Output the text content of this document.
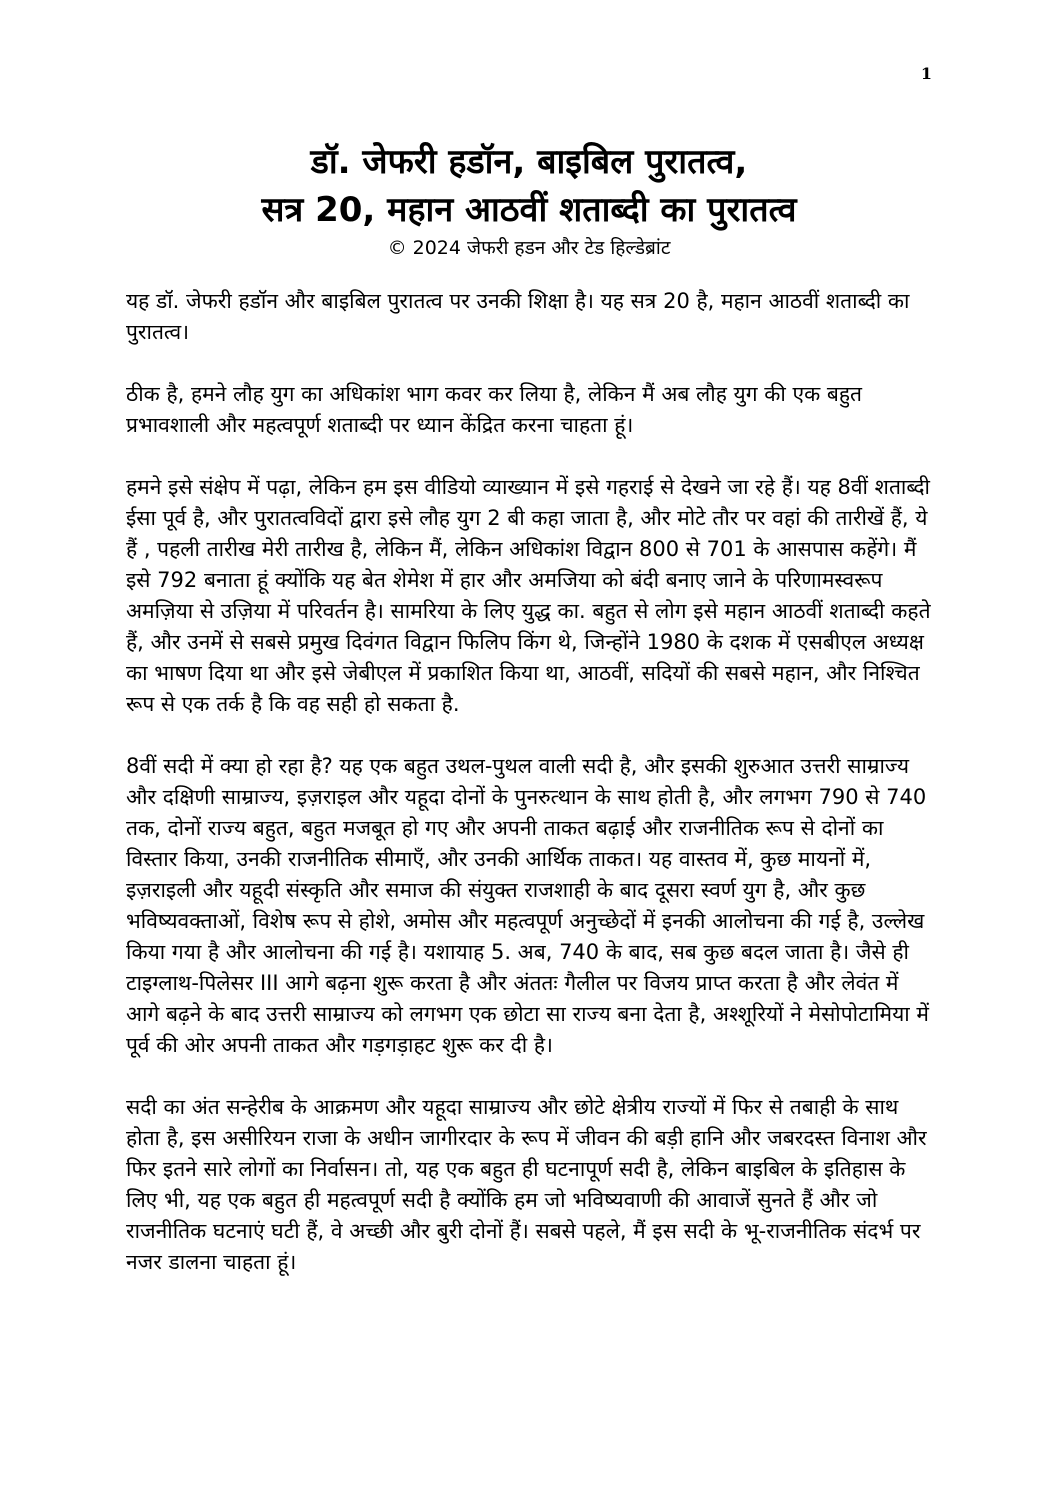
1
डॉ. जेफरी हडॉन, बाइबिल पुरातत्व,
सत्र 20, महान आठवीं शताब्दी का पुरातत्व
© 2024 जेफरी हडन और टेड हिल्डेब्रांट

यह डॉ. जेफरी हडॉन और बाइबिल पुरातत्व पर उनकी शिक्षा है। यह सत्र 20 है, महान आठवीं शताब्दी का पुरातत्व।

ठीक है, हमने लौह युग का अधिकांश भाग कवर कर लिया है, लेकिन मैं अब लौह युग की एक बहुत प्रभावशाली और महत्वपूर्ण शताब्दी पर ध्यान केंद्रित करना चाहता हूं।

हमने इसे संक्षेप में पढ़ा, लेकिन हम इस वीडियो व्याख्यान में इसे गहराई से देखने जा रहे हैं। यह 8वीं शताब्दी ईसा पूर्व है, और पुरातत्वविदों द्वारा इसे लौह युग 2 बी कहा जाता है, और मोटे तौर पर वहां की तारीखें हैं, ये हैं , पहली तारीख मेरी तारीख है, लेकिन मैं, लेकिन अधिकांश विद्वान 800 से 701 के आसपास कहेंगे। मैं इसे 792 बनाता हूं क्योंकि यह बेत शेमेश में हार और अमजिया को बंदी बनाए जाने के परिणामस्वरूप अमज़िया से उज़िया में परिवर्तन है। सामरिया के लिए युद्ध का. बहुत से लोग इसे महान आठवीं शताब्दी कहते हैं, और उनमें से सबसे प्रमुख दिवंगत विद्वान फिलिप किंग थे, जिन्होंने 1980 के दशक में एसबीएल अध्यक्ष का भाषण दिया था और इसे जेबीएल में प्रकाशित किया था, आठवीं, सदियों की सबसे महान, और निश्चित रूप से एक तर्क है कि वह सही हो सकता है.

8वीं सदी में क्या हो रहा है? यह एक बहुत उथल-पुथल वाली सदी है, और इसकी शुरुआत उत्तरी साम्राज्य और दक्षिणी साम्राज्य, इज़राइल और यहूदा दोनों के पुनरुत्थान के साथ होती है, और लगभग 790 से 740 तक, दोनों राज्य बहुत, बहुत मजबूत हो गए और अपनी ताकत बढ़ाई और राजनीतिक रूप से दोनों का विस्तार किया, उनकी राजनीतिक सीमाएँ, और उनकी आर्थिक ताकत। यह वास्तव में, कुछ मायनों में, इज़राइली और यहूदी संस्कृति और समाज की संयुक्त राजशाही के बाद दूसरा स्वर्ण युग है, और कुछ भविष्यवक्ताओं, विशेष रूप से होशे, अमोस और महत्वपूर्ण अनुच्छेदों में इनकी आलोचना की गई है, उल्लेख किया गया है और आलोचना की गई है। यशायाह 5. अब, 740 के बाद, सब कुछ बदल जाता है। जैसे ही टाइग्लाथ-पिलेसर III आगे बढ़ना शुरू करता है और अंततः गैलील पर विजय प्राप्त करता है और लेवंत में आगे बढ़ने के बाद उत्तरी साम्राज्य को लगभग एक छोटा सा राज्य बना देता है, अश्शूरियों ने मेसोपोटामिया में पूर्व की ओर अपनी ताकत और गड़गड़ाहट शुरू कर दी है।

सदी का अंत सन्हेरीब के आक्रमण और यहूदा साम्राज्य और छोटे क्षेत्रीय राज्यों में फिर से तबाही के साथ होता है, इस असीरियन राजा के अधीन जागीरदार के रूप में जीवन की बड़ी हानि और जबरदस्त विनाश और फिर इतने सारे लोगों का निर्वासन। तो, यह एक बहुत ही घटनापूर्ण सदी है, लेकिन बाइबिल के इतिहास के लिए भी, यह एक बहुत ही महत्वपूर्ण सदी है क्योंकि हम जो भविष्यवाणी की आवाजें सुनते हैं और जो राजनीतिक घटनाएं घटी हैं, वे अच्छी और बुरी दोनों हैं। सबसे पहले, मैं इस सदी के भू-राजनीतिक संदर्भ पर नजर डालना चाहता हूं।
